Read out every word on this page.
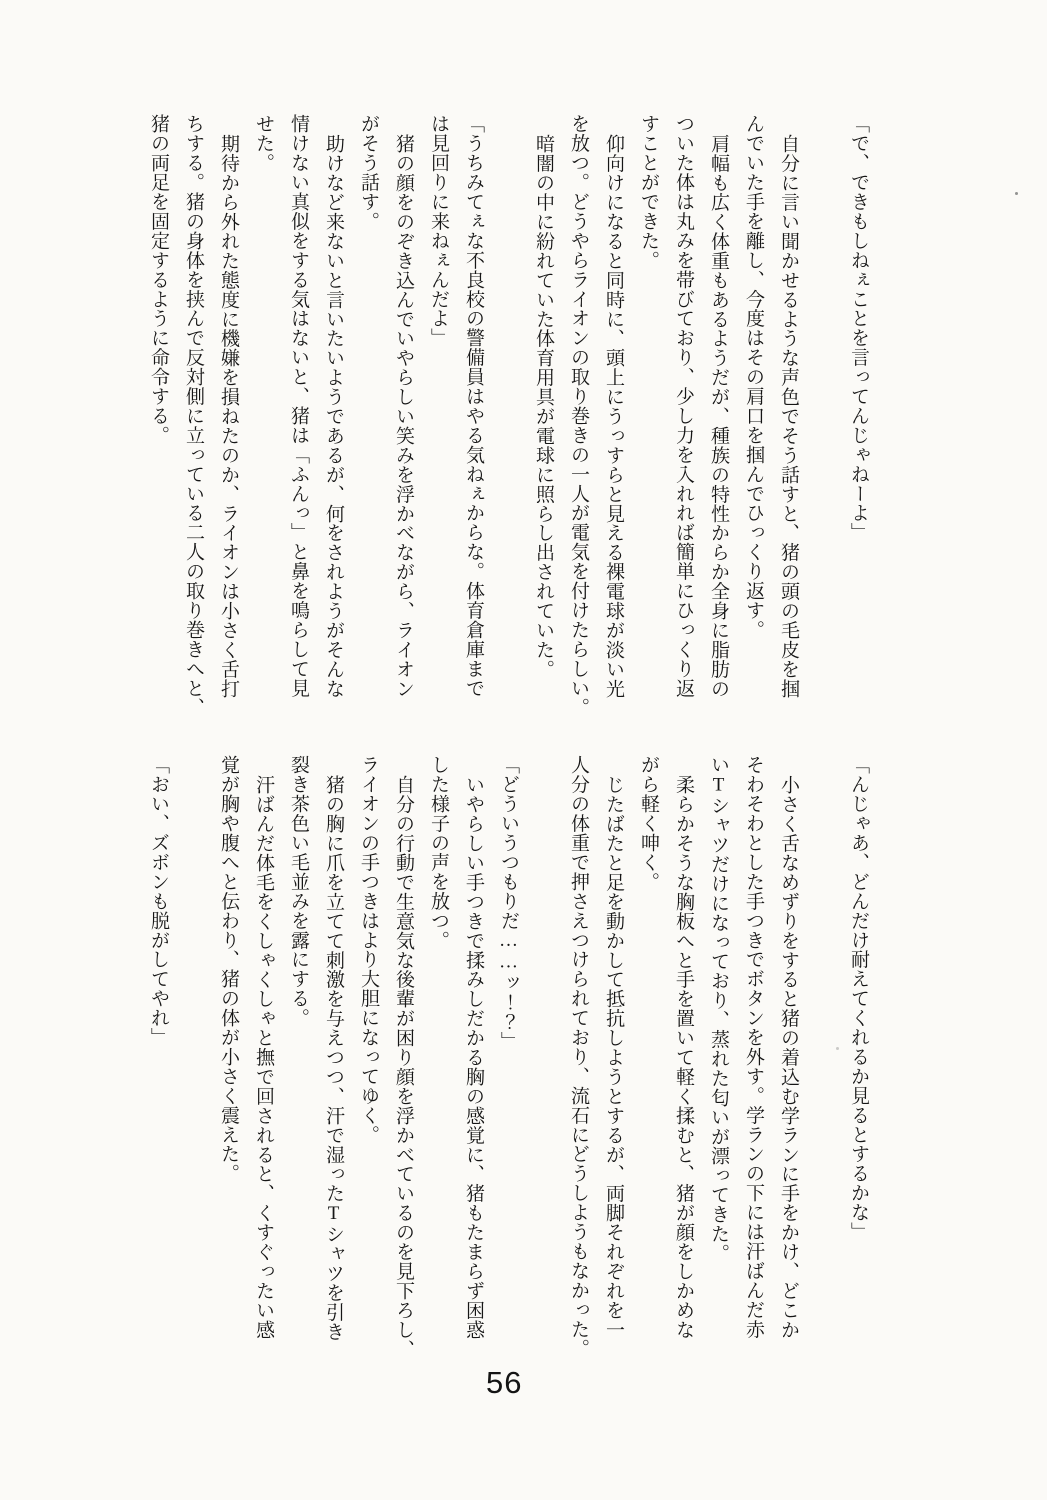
「で、できもしねぇことを言ってんじゃねーよ」

自分に言い聞かせるような声色でそう話すと、猪の頭の毛皮を掴

んでいた手を離し、今度はその肩口を掴んでひっくり返す。

肩幅も広く体重もあるようだが、種族の特性からか全身に脂肪の

ついた体は丸みを帯びており、少し力を入れれば簡単にひっくり返

すことができた。

仰向けになると同時に、頭上にうっすらと見える裸電球が淡い光

を放つ。どうやらライオンの取り巻きの一人が電気を付けたらしい。

暗闇の中に紛れていた体育用具が電球に照らし出されていた。

「うちみてぇな不良校の警備員はやる気ねぇからな。体育倉庫まで

は見回りに来ねぇんだよ」

猪の顔をのぞき込んでいやらしい笑みを浮かべながら、ライオン

がそう話す。

助けなど来ないと言いたいようであるが、何をされようがそんな

情けない真似をする気はないと、猪は「ふんっ」と鼻を鳴らして見

せた。

期待から外れた態度に機嫌を損ねたのか、ライオンは小さく舌打

ちする。猪の身体を挟んで反対側に立っている二人の取り巻きへと、

猪の両足を固定するように命令する。

「んじゃあ、どんだけ耐えてくれるか見るとするかな」

小さく舌なめずりをすると猪の着込む学ランに手をかけ、どこか

そわそわとした手つきでボタンを外す。学ランの下には汗ばんだ赤

いTシャツだけになっており、蒸れた匂いが漂ってきた。

柔らかそうな胸板へと手を置いて軽く揉むと、猪が顔をしかめな

がら軽く呻く。

じたばたと足を動かして抵抗しようとするが、両脚それぞれを一

人分の体重で押さえつけられており、流石にどうしようもなかった。

「どういうつもりだ……ッ！？」

いやらしい手つきで揉みしだかる胸の感覚に、猪もたまらず困惑

した様子の声を放つ。

自分の行動で生意気な後輩が困り顔を浮かべているのを見下ろし、

ライオンの手つきはより大胆になってゆく。

猪の胸に爪を立てて刺激を与えつつ、汗で湿ったTシャツを引き

裂き茶色い毛並みを露にする。

汗ばんだ体毛をくしゃくしゃと撫で回されると、くすぐったい感

覚が胸や腹へと伝わり、猪の体が小さく震えた。

「おい、ズボンも脱がしてやれ」

56
